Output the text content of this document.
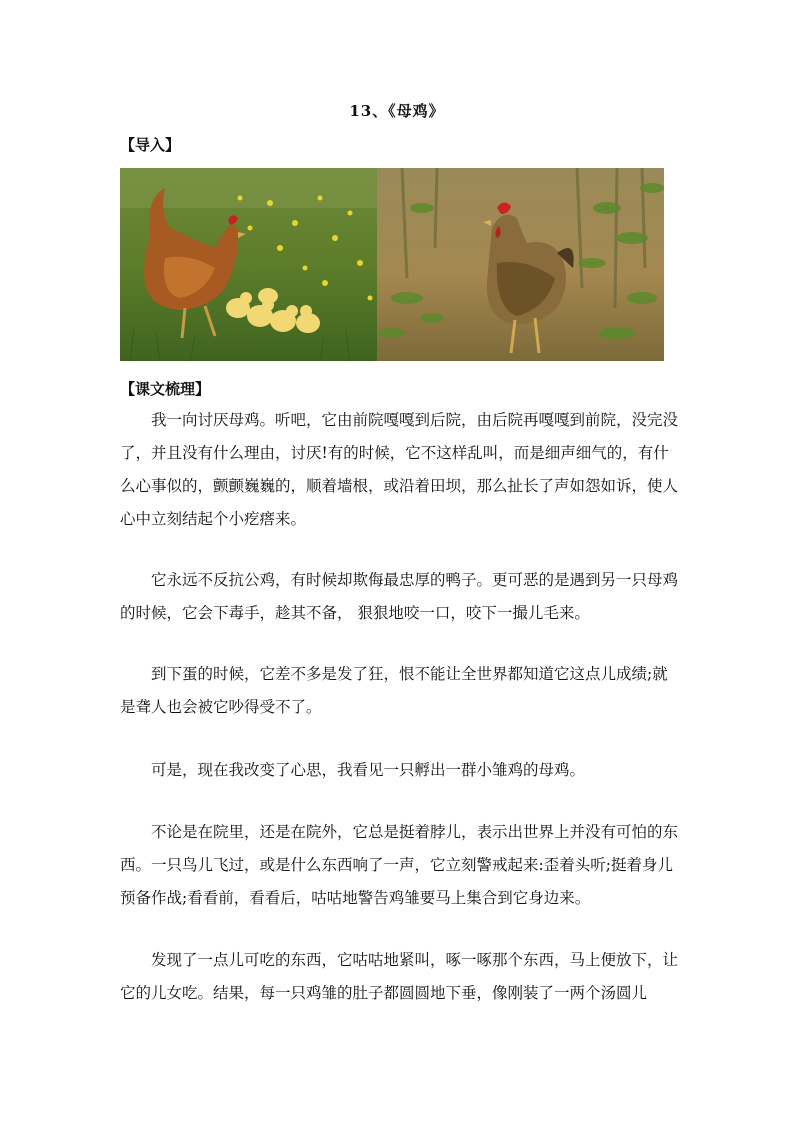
13、《母鸡》
【导入】
【课文梳理】

我一向讨厌母鸡。听吧，它由前院嘎嘎到后院，由后院再嘎嘎到前院，没完没了，并且没有什么理由，讨厌!有的时候，它不这样乱叫，而是细声细气的，有什么心事似的，颤颤巍巍的，顺着墙根，或沿着田坝，那么扯长了声如怨如诉，使人心中立刻结起个小疙瘩来。

它永远不反抗公鸡，有时候却欺侮最忠厚的鸭子。更可恶的是遇到另一只母鸡的时候，它会下毒手，趁其不备， 狠狠地咬一口，咬下一撮儿毛来。

到下蛋的时候，它差不多是发了狂，恨不能让全世界都知道它这点儿成绩;就是聋人也会被它吵得受不了。

可是，现在我改变了心思，我看见一只孵出一群小雏鸡的母鸡。

不论是在院里，还是在院外，它总是挺着脖儿，表示出世界上并没有可怕的东西。一只鸟儿飞过，或是什么东西响了一声，它立刻警戒起来:歪着头听;挺着身儿预备作战;看看前，看看后，咕咕地警告鸡雏要马上集合到它身边来。

发现了一点儿可吃的东西，它咕咕地紧叫，啄一啄那个东西，马上便放下，让它的儿女吃。结果，每一只鸡雏的肚子都圆圆地下垂，像刚装了一两个汤圆儿
